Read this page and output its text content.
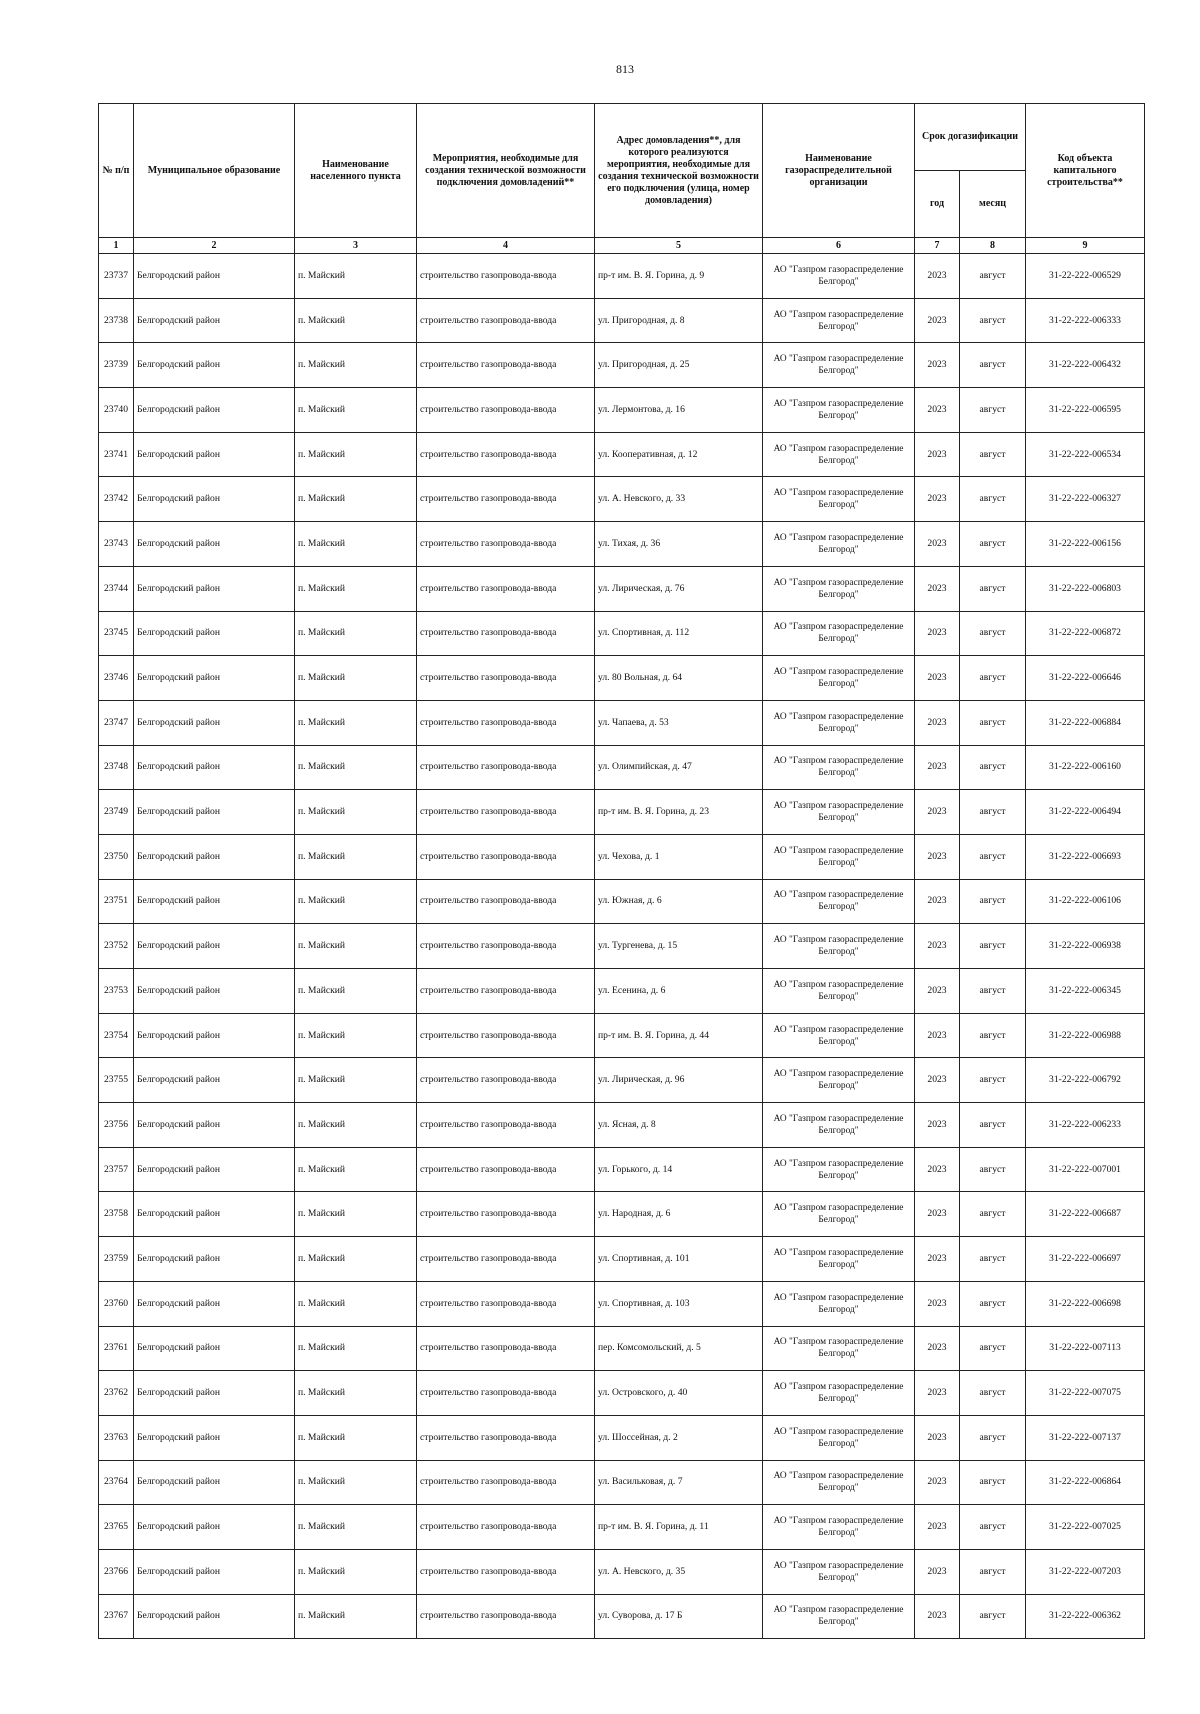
813
№ п/п	Муниципальное образование	Наименование населенного пункта	Мероприятия, необходимые для создания технической возможности подключения домовладений**	Адрес домовладения**, для которого реализуются мероприятия, необходимые для создания технической возможности его подключения (улица, номер домовладения)	Наименование газораспределительной организации	Срок догазификации		Код объекта капитального строительства**
						год	месяц	
1	2	3	4	5	6	7	8	9
23737	Белгородский район	п. Майский	строительство газопровода-ввода	пр-т им. В. Я. Горина, д. 9	АО "Газпром газораспределение Белгород"	2023	август	31-22-222-006529
23738	Белгородский район	п. Майский	строительство газопровода-ввода	ул. Пригородная, д. 8	АО "Газпром газораспределение Белгород"	2023	август	31-22-222-006333
23739	Белгородский район	п. Майский	строительство газопровода-ввода	ул. Пригородная, д. 25	АО "Газпром газораспределение Белгород"	2023	август	31-22-222-006432
23740	Белгородский район	п. Майский	строительство газопровода-ввода	ул. Лермонтова, д. 16	АО "Газпром газораспределение Белгород"	2023	август	31-22-222-006595
23741	Белгородский район	п. Майский	строительство газопровода-ввода	ул. Кооперативная, д. 12	АО "Газпром газораспределение Белгород"	2023	август	31-22-222-006534
23742	Белгородский район	п. Майский	строительство газопровода-ввода	ул. А. Невского, д. 33	АО "Газпром газораспределение Белгород"	2023	август	31-22-222-006327
23743	Белгородский район	п. Майский	строительство газопровода-ввода	ул. Тихая, д. 36	АО "Газпром газораспределение Белгород"	2023	август	31-22-222-006156
23744	Белгородский район	п. Майский	строительство газопровода-ввода	ул. Лирическая, д. 76	АО "Газпром газораспределение Белгород"	2023	август	31-22-222-006803
23745	Белгородский район	п. Майский	строительство газопровода-ввода	ул. Спортивная, д. 112	АО "Газпром газораспределение Белгород"	2023	август	31-22-222-006872
23746	Белгородский район	п. Майский	строительство газопровода-ввода	ул. 80 Вольная, д. 64	АО "Газпром газораспределение Белгород"	2023	август	31-22-222-006646
23747	Белгородский район	п. Майский	строительство газопровода-ввода	ул. Чапаева, д. 53	АО "Газпром газораспределение Белгород"	2023	август	31-22-222-006884
23748	Белгородский район	п. Майский	строительство газопровода-ввода	ул. Олимпийская, д. 47	АО "Газпром газораспределение Белгород"	2023	август	31-22-222-006160
23749	Белгородский район	п. Майский	строительство газопровода-ввода	пр-т им. В. Я. Горина, д. 23	АО "Газпром газораспределение Белгород"	2023	август	31-22-222-006494
23750	Белгородский район	п. Майский	строительство газопровода-ввода	ул. Чехова, д. 1	АО "Газпром газораспределение Белгород"	2023	август	31-22-222-006693
23751	Белгородский район	п. Майский	строительство газопровода-ввода	ул. Южная, д. 6	АО "Газпром газораспределение Белгород"	2023	август	31-22-222-006106
23752	Белгородский район	п. Майский	строительство газопровода-ввода	ул. Тургенева, д. 15	АО "Газпром газораспределение Белгород"	2023	август	31-22-222-006938
23753	Белгородский район	п. Майский	строительство газопровода-ввода	ул. Есенина, д. 6	АО "Газпром газораспределение Белгород"	2023	август	31-22-222-006345
23754	Белгородский район	п. Майский	строительство газопровода-ввода	пр-т им. В. Я. Горина, д. 44	АО "Газпром газораспределение Белгород"	2023	август	31-22-222-006988
23755	Белгородский район	п. Майский	строительство газопровода-ввода	ул. Лирическая, д. 96	АО "Газпром газораспределение Белгород"	2023	август	31-22-222-006792
23756	Белгородский район	п. Майский	строительство газопровода-ввода	ул. Ясная, д. 8	АО "Газпром газораспределение Белгород"	2023	август	31-22-222-006233
23757	Белгородский район	п. Майский	строительство газопровода-ввода	ул. Горького, д. 14	АО "Газпром газораспределение Белгород"	2023	август	31-22-222-007001
23758	Белгородский район	п. Майский	строительство газопровода-ввода	ул. Народная, д. 6	АО "Газпром газораспределение Белгород"	2023	август	31-22-222-006687
23759	Белгородский район	п. Майский	строительство газопровода-ввода	ул. Спортивная, д. 101	АО "Газпром газораспределение Белгород"	2023	август	31-22-222-006697
23760	Белгородский район	п. Майский	строительство газопровода-ввода	ул. Спортивная, д. 103	АО "Газпром газораспределение Белгород"	2023	август	31-22-222-006698
23761	Белгородский район	п. Майский	строительство газопровода-ввода	пер. Комсомольский, д. 5	АО "Газпром газораспределение Белгород"	2023	август	31-22-222-007113
23762	Белгородский район	п. Майский	строительство газопровода-ввода	ул. Островского, д. 40	АО "Газпром газораспределение Белгород"	2023	август	31-22-222-007075
23763	Белгородский район	п. Майский	строительство газопровода-ввода	ул. Шоссейная, д. 2	АО "Газпром газораспределение Белгород"	2023	август	31-22-222-007137
23764	Белгородский район	п. Майский	строительство газопровода-ввода	ул. Васильковая, д. 7	АО "Газпром газораспределение Белгород"	2023	август	31-22-222-006864
23765	Белгородский район	п. Майский	строительство газопровода-ввода	пр-т им. В. Я. Горина, д. 11	АО "Газпром газораспределение Белгород"	2023	август	31-22-222-007025
23766	Белгородский район	п. Майский	строительство газопровода-ввода	ул. А. Невского, д. 35	АО "Газпром газораспределение Белгород"	2023	август	31-22-222-007203
23767	Белгородский район	п. Майский	строительство газопровода-ввода	ул. Суворова, д. 17 Б	АО "Газпром газораспределение Белгород"	2023	август	31-22-222-006362
